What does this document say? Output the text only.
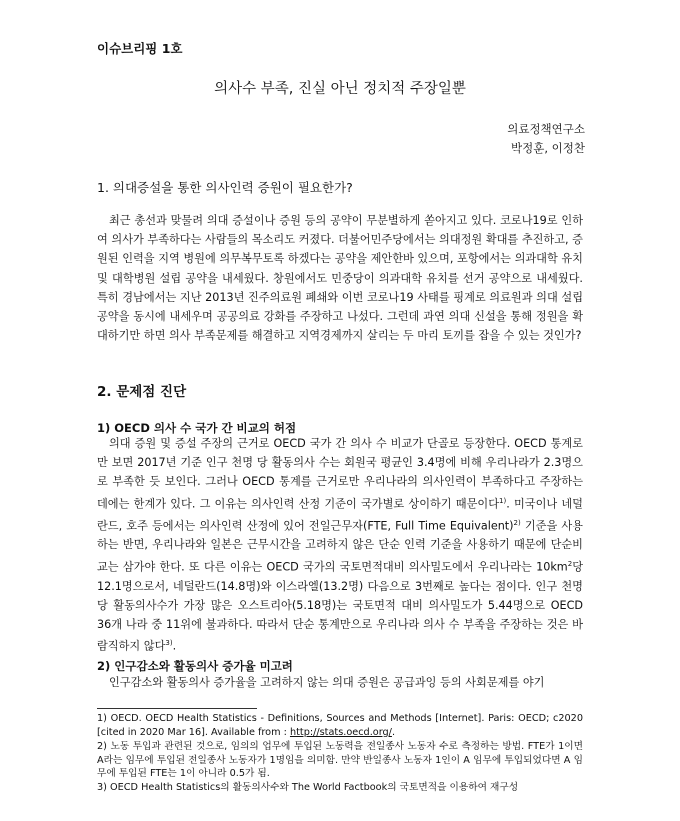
이슈브리핑 1호
의사수 부족, 진실 아닌 정치적 주장일뿐
의료정책연구소
박정훈, 이정찬
1. 의대증설을 통한 의사인력 증원이 필요한가?
최근 총선과 맞물려 의대 증설이나 증원 등의 공약이 무분별하게 쏟아지고 있다. 코로나19로 인하여 의사가 부족하다는 사람들의 목소리도 커졌다. 더불어민주당에서는 의대정원 확대를 추진하고, 증원된 인력을 지역 병원에 의무복무토록 하겠다는 공약을 제안한바 있으며, 포항에서는 의과대학 유치 및 대학병원 설립 공약을 내세웠다. 창원에서도 민중당이 의과대학 유치를 선거 공약으로 내세웠다. 특히 경남에서는 지난 2013년 진주의료원 폐쇄와 이번 코로나19 사태를 핑계로 의료원과 의대 설립 공약을 동시에 내세우며 공공의료 강화를 주장하고 나섰다. 그런데 과연 의대 신설을 통해 정원을 확대하기만 하면 의사 부족문제를 해결하고 지역경제까지 살리는 두 마리 토끼를 잡을 수 있는 것인가?
2. 문제점 진단
1) OECD 의사 수 국가 간 비교의 허점
의대 증원 및 증설 주장의 근거로 OECD 국가 간 의사 수 비교가 단골로 등장한다. OECD 통계로만 보면 2017년 기준 인구 천명 당 활동의사 수는 회원국 평균인 3.4명에 비해 우리나라가 2.3명으로 부족한 듯 보인다. 그러나 OECD 통계를 근거로만 우리나라의 의사인력이 부족하다고 주장하는 데에는 한계가 있다. 그 이유는 의사인력 산정 기준이 국가별로 상이하기 때문이다$^{1)}$. 미국이나 네덜란드, 호주 등에서는 의사인력 산정에 있어 전일근무자(FTE, Full Time Equivalent)$^{2)}$ 기준을 사용하는 반면, 우리나라와 일본은 근무시간을 고려하지 않은 단순 인력 기준을 사용하기 때문에 단순비교는 삼가야 한다. 또 다른 이유는 OECD 국가의 국토면적대비 의사밀도에서 우리나라는 $10km^2$당 12.1명으로서, 네덜란드(14.8명)와 이스라엘(13.2명) 다음으로 3번째로 높다는 점이다. 인구 천명 당 활동의사수가 가장 많은 오스트리아(5.18명)는 국토면적 대비 의사밀도가 5.44명으로 OECD 36개 나라 중 11위에 불과하다. 따라서 단순 통계만으로 우리나라 의사 수 부족을 주장하는 것은 바람직하지 않다$^{3)}$.
2) 인구감소와 활동의사 증가율 미고려
인구감소와 활동의사 증가율을 고려하지 않는 의대 증원은 공급과잉 등의 사회문제를 야기
1) OECD. OECD Health Statistics - Definitions, Sources and Methods [Internet]. Paris: OECD; c2020 [cited in 2020 Mar 16]. Available from : http://stats.oecd.org/.
2) 노동 투입과 관련된 것으로, 임의의 업무에 투입된 노동력을 전일종사 노동자 수로 측정하는 방법. FTE가 1이면 A라는 임무에 투입된 전일종사 노동자가 1명임을 의미함. 만약 반일종사 노동자 1인이 A 임무에 투입되었다면 A 임무에 투입된 FTE는 1이 아니라 0.5가 됨.
3) OECD Health Statistics의 활동의사수와 The World Factbook의 국토면적을 이용하여 재구성
